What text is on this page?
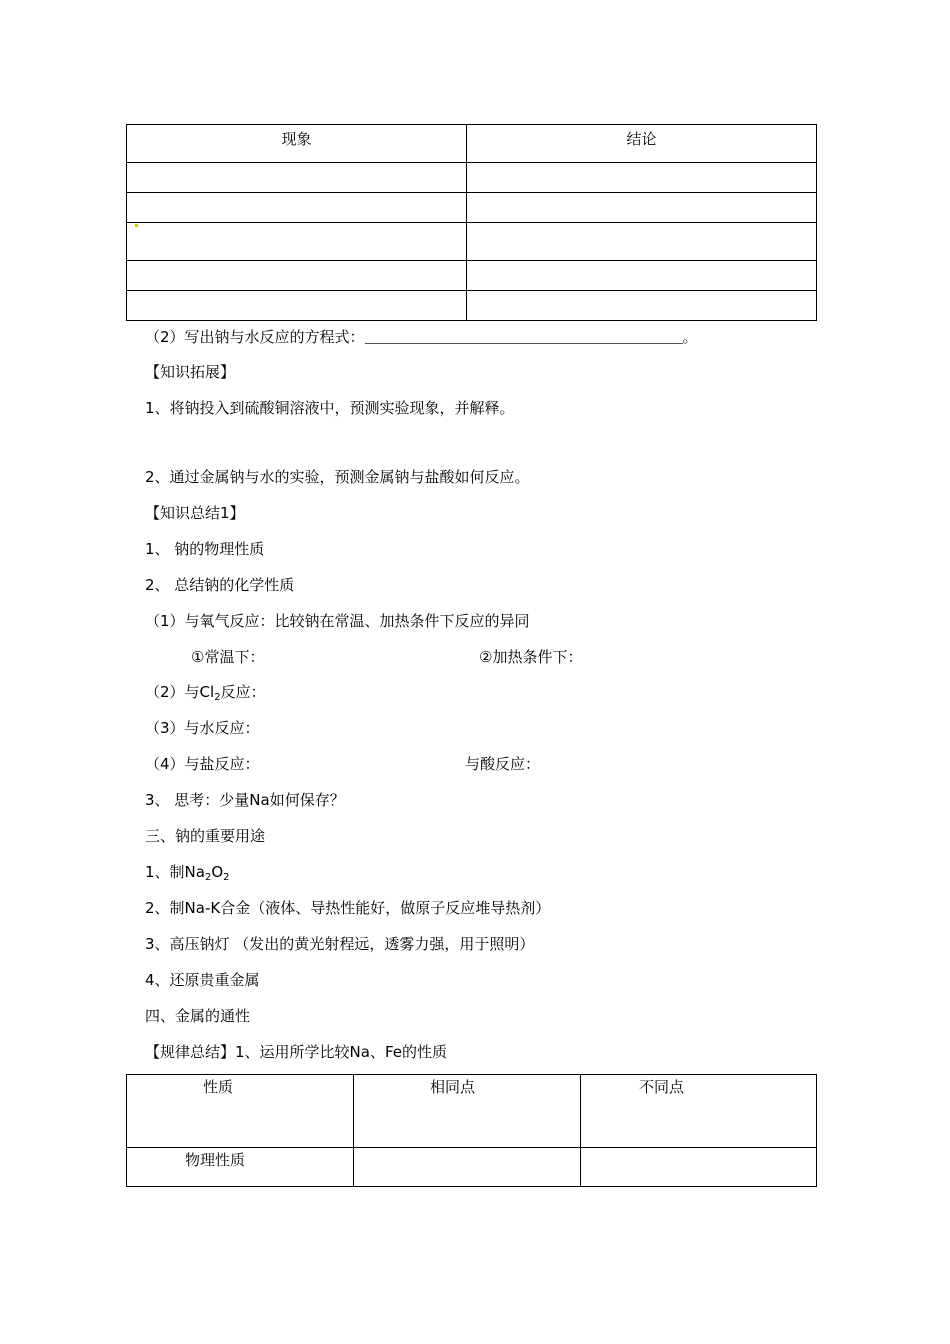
现象	结论

（2）写出钠与水反应的方程式：	。
【知识拓展】
1、将钠投入到硫酸铜溶液中，预测实验现象，并解释。
2、通过金属钠与水的实验，预测金属钠与盐酸如何反应。
【知识总结1】
1、 钠的物理性质
2、 总结钠的化学性质
（1）与氧气反应：比较钠在常温、加热条件下反应的异同
①常温下：	②加热条件下：
（2）与$Cl_2$反应：
（3）与水反应：
（4）与盐反应：	与酸反应：
3、 思考：少量Na如何保存？
三、钠的重要用途
1、制$Na_2O_2$
2、制Na-K合金（液体、导热性能好，做原子反应堆导热剂）
3、高压钠灯 （发出的黄光射程远，透雾力强，用于照明）
4、还原贵重金属
四、金属的通性
【规律总结】1、运用所学比较Na、Fe的性质
性质	相同点	不同点
物理性质		
